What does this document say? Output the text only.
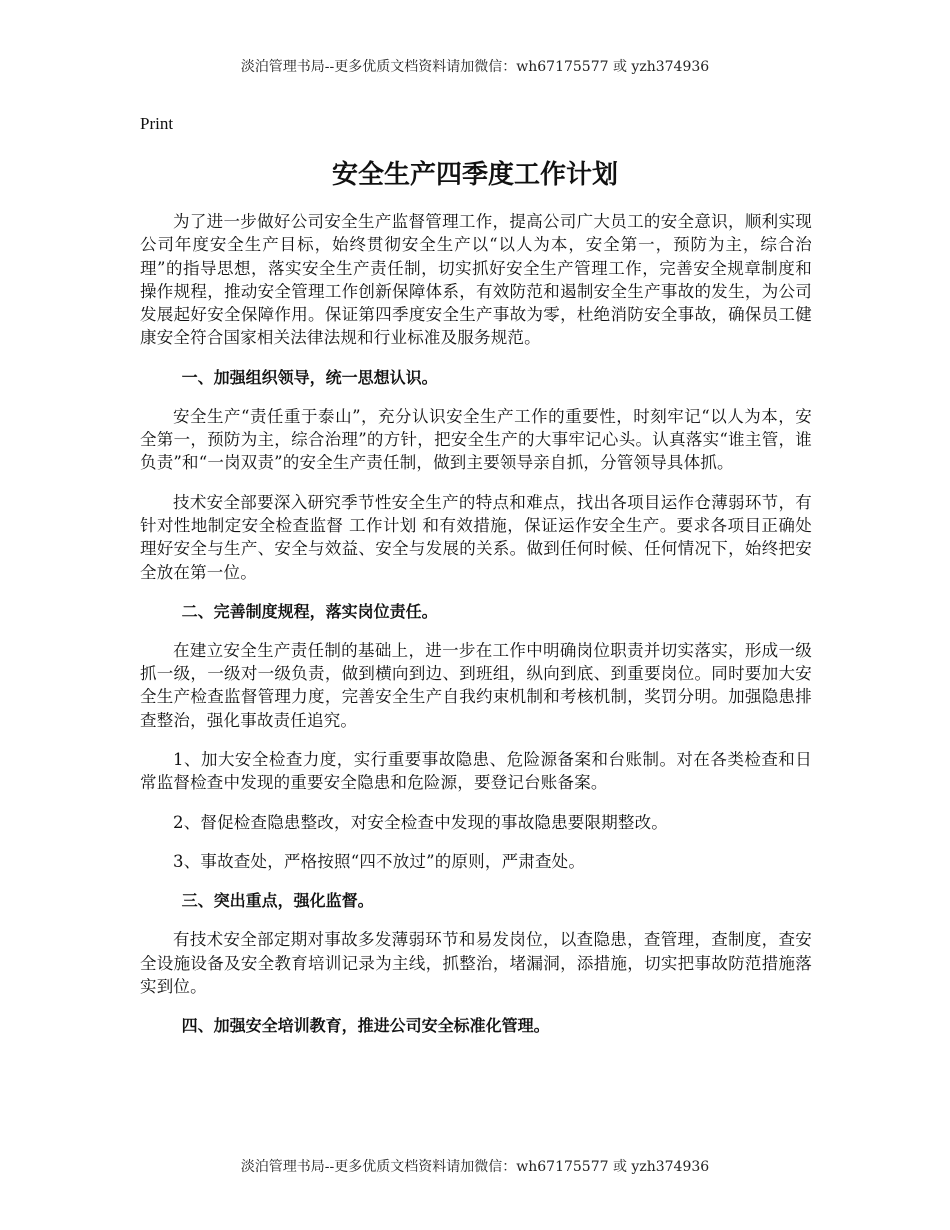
淡泊管理书局--更多优质文档资料请加微信：wh67175577 或 yzh374936
Print
安全生产四季度工作计划

为了进一步做好公司安全生产监督管理工作，提高公司广大员工的安全意识，顺利实现公司年度安全生产目标，始终贯彻安全生产以“以人为本，安全第一，预防为主，综合治理”的指导思想，落实安全生产责任制，切实抓好安全生产管理工作，完善安全规章制度和操作规程，推动安全管理工作创新保障体系，有效防范和遏制安全生产事故的发生，为公司发展起好安全保障作用。保证第四季度安全生产事故为零，杜绝消防安全事故，确保员工健康安全符合国家相关法律法规和行业标准及服务规范。

一、加强组织领导，统一思想认识。

安全生产“责任重于泰山”，充分认识安全生产工作的重要性，时刻牢记“以人为本，安全第一，预防为主，综合治理”的方针，把安全生产的大事牢记心头。认真落实“谁主管，谁负责”和“一岗双责”的安全生产责任制，做到主要领导亲自抓，分管领导具体抓。

技术安全部要深入研究季节性安全生产的特点和难点，找出各项目运作仓薄弱环节，有针对性地制定安全检查监督 工作计划 和有效措施，保证运作安全生产。要求各项目正确处理好安全与生产、安全与效益、安全与发展的关系。做到任何时候、任何情况下，始终把安全放在第一位。

二、完善制度规程，落实岗位责任。

在建立安全生产责任制的基础上，进一步在工作中明确岗位职责并切实落实，形成一级抓一级，一级对一级负责，做到横向到边、到班组，纵向到底、到重要岗位。同时要加大安全生产检查监督管理力度，完善安全生产自我约束机制和考核机制，奖罚分明。加强隐患排查整治，强化事故责任追究。

1、加大安全检查力度，实行重要事故隐患、危险源备案和台账制。对在各类检查和日常监督检查中发现的重要安全隐患和危险源，要登记台账备案。

2、督促检查隐患整改，对安全检查中发现的事故隐患要限期整改。

3、事故查处，严格按照“四不放过”的原则，严肃查处。

三、突出重点，强化监督。

有技术安全部定期对事故多发薄弱环节和易发岗位，以查隐患，查管理，查制度，查安全设施设备及安全教育培训记录为主线，抓整治，堵漏洞，添措施，切实把事故防范措施落实到位。

四、加强安全培训教育，推进公司安全标准化管理。

淡泊管理书局--更多优质文档资料请加微信：wh67175577 或 yzh374936
